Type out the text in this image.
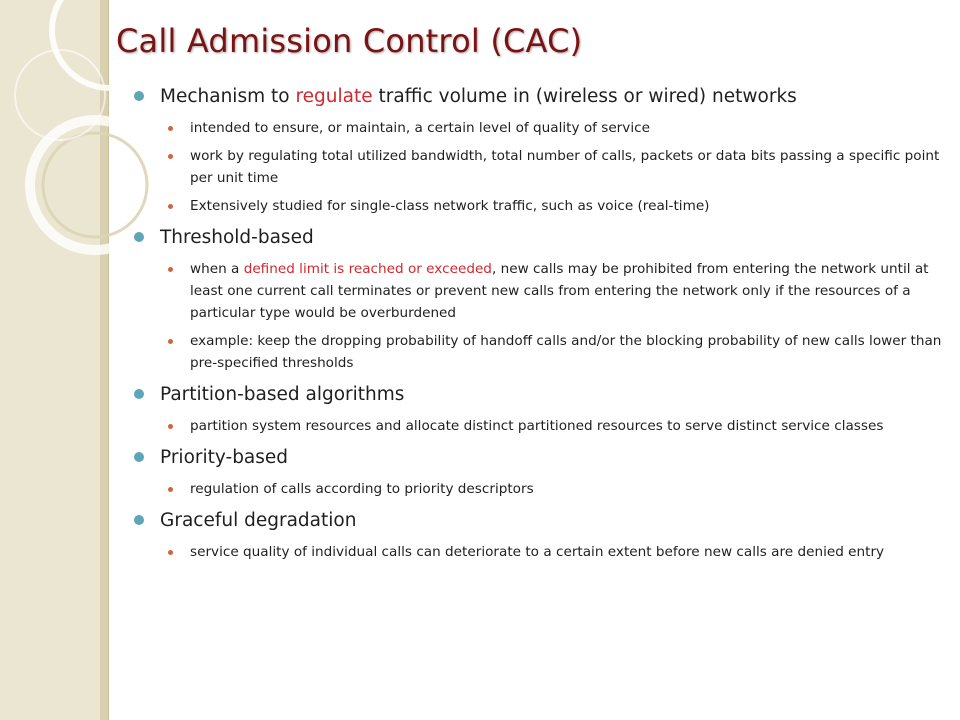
Call Admission Control (CAC)
Mechanism to regulate traffic volume in (wireless or wired) networks
intended to ensure, or maintain, a certain level of quality of service
work by regulating total utilized bandwidth, total number of calls, packets or data bits passing a specific point per unit time
Extensively studied for single-class network traffic, such as voice (real-time)
Threshold-based
when a defined limit is reached or exceeded, new calls may be prohibited from entering the network until at least one current call terminates or prevent new calls from entering the network only if the resources of a particular type would be overburdened
example: keep the dropping probability of handoff calls and/or the blocking probability of new calls lower than pre-specified thresholds
Partition-based algorithms
partition system resources and allocate distinct partitioned resources to serve distinct service classes
Priority-based
regulation of calls according to priority descriptors
Graceful degradation
service quality of individual calls can deteriorate to a certain extent before new calls are denied entry
